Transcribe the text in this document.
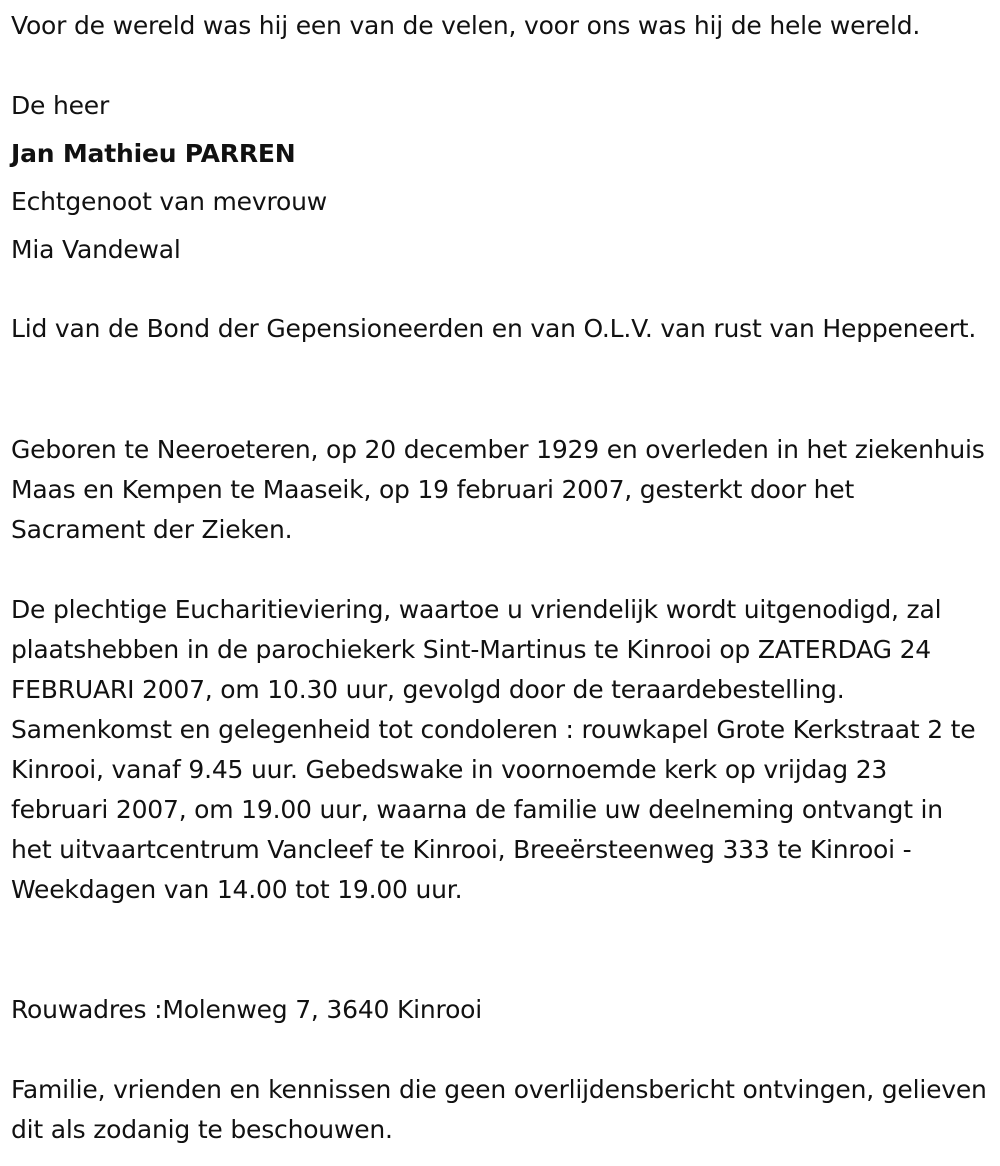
Voor de wereld was hij een van de velen, voor ons was hij de hele wereld.

De heer

Jan Mathieu PARREN

Echtgenoot van mevrouw

Mia Vandewal

Lid van de Bond der Gepensioneerden en van O.L.V. van rust van Heppeneert.

Geboren te Neeroeteren, op 20 december 1929 en overleden in het ziekenhuis Maas en Kempen te Maaseik, op 19 februari 2007, gesterkt door het Sacrament der Zieken.

De plechtige Eucharitieviering, waartoe u vriendelijk wordt uitgenodigd, zal plaatshebben in de parochiekerk Sint-Martinus te Kinrooi op ZATERDAG 24 FEBRUARI 2007, om 10.30 uur, gevolgd door de teraardebestelling. Samenkomst en gelegenheid tot condoleren : rouwkapel Grote Kerkstraat 2 te Kinrooi, vanaf 9.45 uur. Gebedswake in voornoemde kerk op vrijdag 23 februari 2007, om 19.00 uur, waarna de familie uw deelneming ontvangt in het uitvaartcentrum Vancleef te Kinrooi, Breeërsteenweg 333 te Kinrooi - Weekdagen van 14.00 tot 19.00 uur.

Rouwadres :Molenweg 7, 3640 Kinrooi

Familie, vrienden en kennissen die geen overlijdensbericht ontvingen, gelieven dit als zodanig te beschouwen.
